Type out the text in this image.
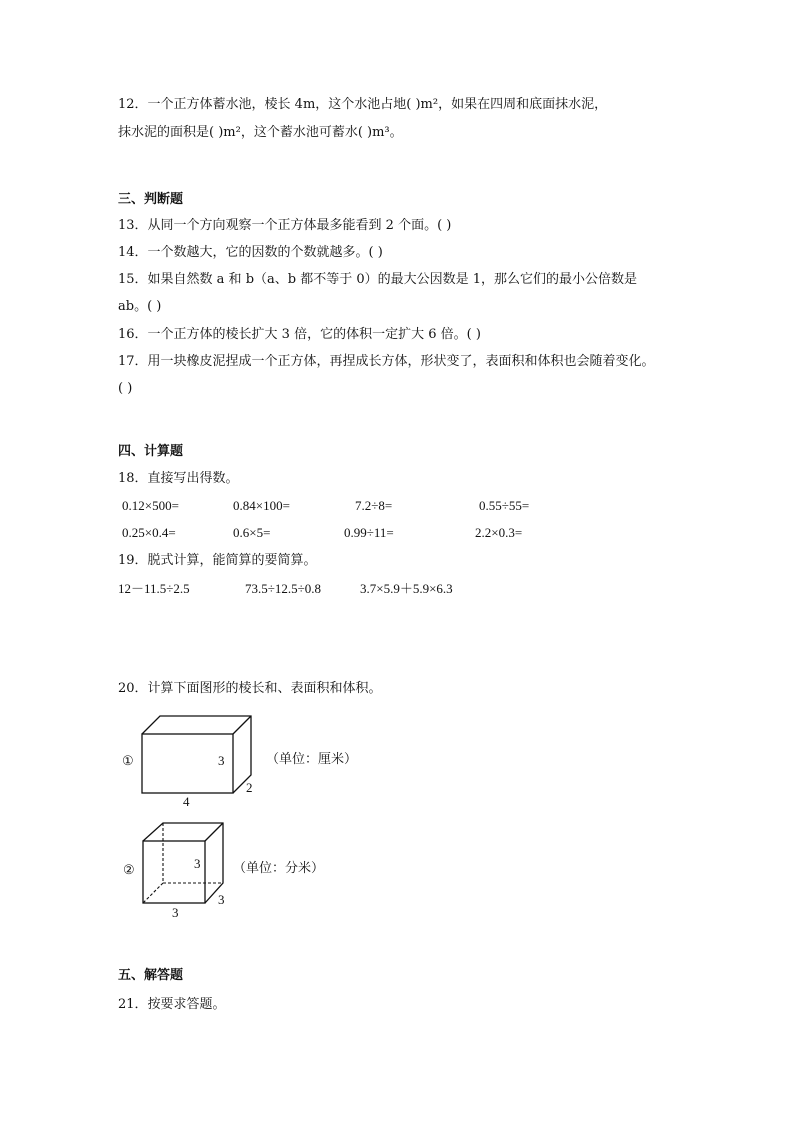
12．一个正方体蓄水池，棱长 4m，这个水池占地( )m²，如果在四周和底面抹水泥，
抹水泥的面积是( )m²，这个蓄水池可蓄水( )m³。
三、判断题
13．从同一个方向观察一个正方体最多能看到 2 个面。( )
14．一个数越大，它的因数的个数就越多。( )
15．如果自然数 a 和 b（a、b 都不等于 0）的最大公因数是 1，那么它们的最小公倍数是
ab。( )
16．一个正方体的棱长扩大 3 倍，它的体积一定扩大 6 倍。( )
17．用一块橡皮泥捏成一个正方体，再捏成长方体，形状变了，表面积和体积也会随着变化。
( )
四、计算题
18．直接写出得数。
0.12×500=	0.84×100=	7.2÷8=	0.55÷55=
0.25×0.4=	0.6×5=	0.99÷11=	2.2×0.3=
19．脱式计算，能简算的要简算。
12－11.5÷2.5	73.5÷12.5÷0.8	3.7×5.9＋5.9×6.3
20．计算下面图形的棱长和、表面积和体积。
①	3
4
2
（单位：厘米）
②	3
3
3
（单位：分米）
五、解答题
21．按要求答题。
